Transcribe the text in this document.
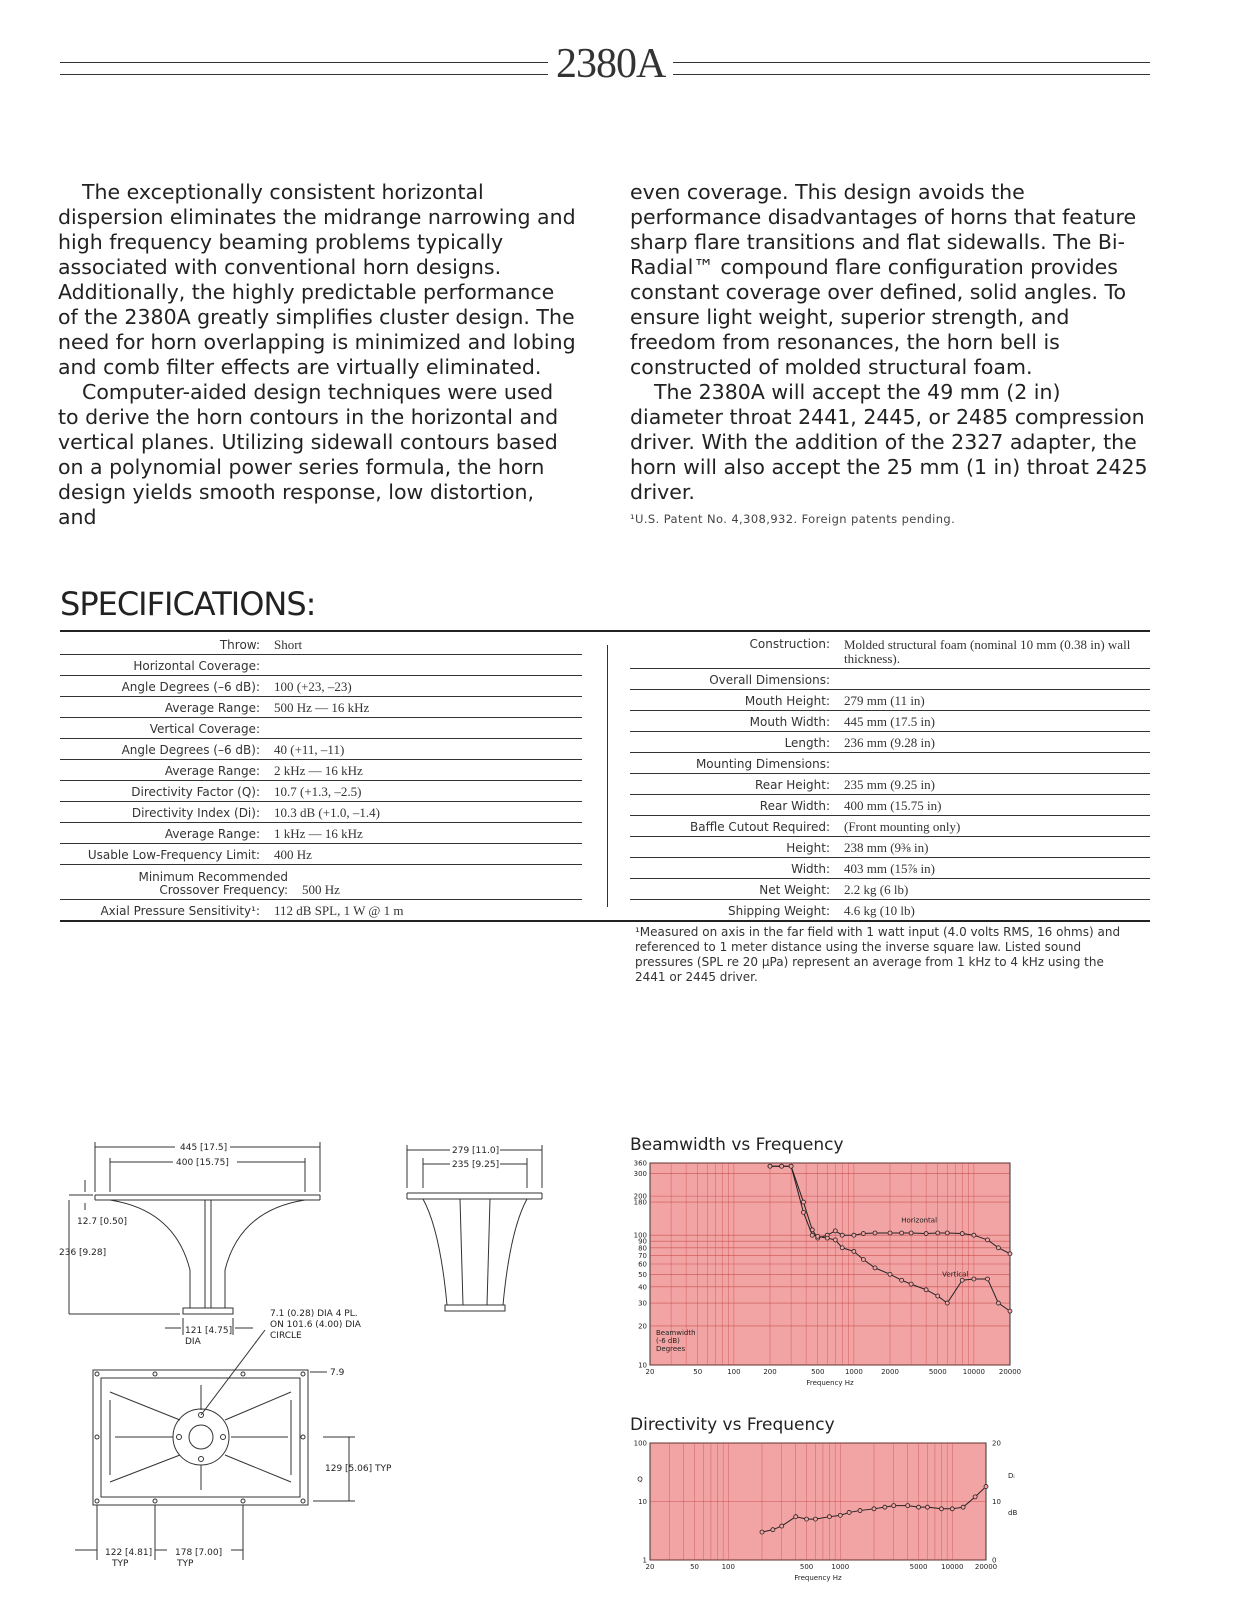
2380A

The exceptionally consistent horizontal dispersion eliminates the midrange narrowing and high frequency beaming problems typically associated with conventional horn designs. Additionally, the highly predictable performance of the 2380A greatly simplifies cluster design. The need for horn overlapping is minimized and lobing and comb filter effects are virtually eliminated.

Computer-aided design techniques were used to derive the horn contours in the horizontal and vertical planes. Utilizing sidewall contours based on a polynomial power series formula, the horn design yields smooth response, low distortion, and

even coverage. This design avoids the performance disadvantages of horns that feature sharp flare transitions and flat sidewalls. The Bi-Radial™ compound flare configuration provides constant coverage over defined, solid angles. To ensure light weight, superior strength, and freedom from resonances, the horn bell is constructed of molded structural foam.

The 2380A will accept the 49 mm (2 in) diameter throat 2441, 2445, or 2485 compression driver. With the addition of the 2327 adapter, the horn will also accept the 25 mm (1 in) throat 2425 driver.

¹U.S. Patent No. 4,308,932. Foreign patents pending.

SPECIFICATIONS:
Throw:	Short
Horizontal Coverage:
Angle Degrees (–6 dB):	100 (+23, –23)
Average Range:	500 Hz — 16 kHz
Vertical Coverage:
Angle Degrees (–6 dB):	40 (+11, –11)
Average Range:	2 kHz — 16 kHz
Directivity Factor (Q):	10.7 (+1.3, –2.5)
Directivity Index (Di):	10.3 dB (+1.0, –1.4)
Average Range:	1 kHz — 16 kHz
Usable Low-Frequency Limit:	400 Hz
Minimum Recommended Crossover Frequency:	500 Hz
Axial Pressure Sensitivity¹:	112 dB SPL, 1 W @ 1 m
Construction:	Molded structural foam (nominal 10 mm (0.38 in) wall thickness).
Overall Dimensions:
Mouth Height:	279 mm (11 in)
Mouth Width:	445 mm (17.5 in)
Length:	236 mm (9.28 in)
Mounting Dimensions:
Rear Height:	235 mm (9.25 in)
Rear Width:	400 mm (15.75 in)
Baffle Cutout Required:	(Front mounting only)
Height:	238 mm (9⅜ in)
Width:	403 mm (15⅞ in)
Net Weight:	2.2 kg (6 lb)
Shipping Weight:	4.6 kg (10 lb)
¹Measured on axis in the far field with 1 watt input (4.0 volts RMS, 16 ohms) and referenced to 1 meter distance using the inverse square law. Listed sound pressures (SPL re 20 µPa) represent an average from 1 kHz to 4 kHz using the 2441 or 2445 driver.
445 [17.5]
400 [15.75]
12.7 [0.50]
236 [9.28]
121 [4.75]
DIA
279 [11.0]
235 [9.25]
7.1 (0.28) DIA 4 PL.
ON 101.6 (4.00) DIA
CIRCLE
7.9
129 [5.06] TYP
122 [4.81]
TYP
178 [7.00]
TYP
Beamwidth vs Frequency
20	50	100	200	500	1000	2000	5000 10000 20000
10
20
30
40
50
60
70
80
90
100
180
200
300
360
Frequency Hz
Horizontal
Vertical
Beamwidth
(-6 dB)
Degrees
Directivity vs Frequency
20	50	100	500	1000	5000 10000 20000
1
10
100
Frequency Hz
Q
0
10
20
Dᵢ
dB
